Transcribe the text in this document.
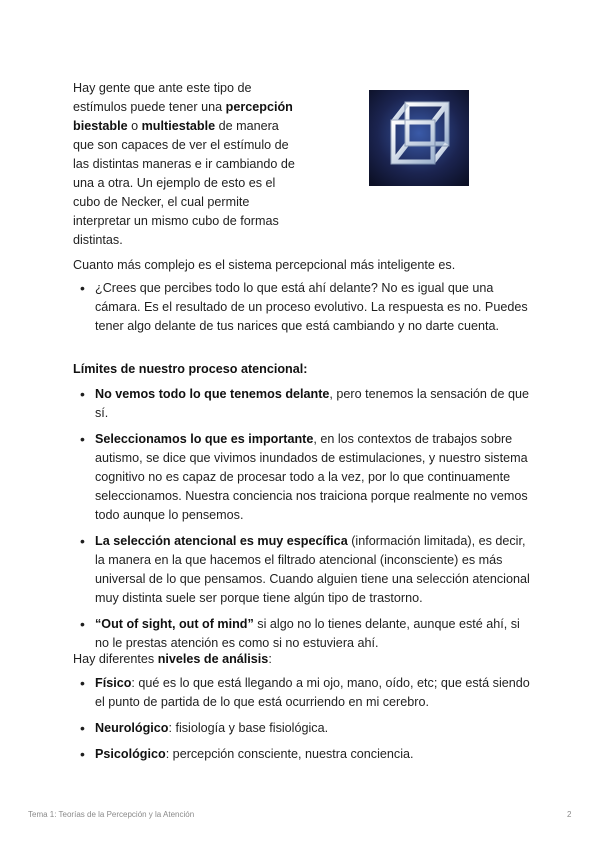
Hay gente que ante este tipo de estímulos puede tener una percepción biestable o multiestable de manera que son capaces de ver el estímulo de las distintas maneras e ir cambiando de una a otra. Un ejemplo de esto es el cubo de Necker, el cual permite interpretar un mismo cubo de formas distintas.

Cuanto más complejo es el sistema percepcional más inteligente es.

• ¿Crees que percibes todo lo que está ahí delante? No es igual que una cámara. Es el resultado de un proceso evolutivo. La respuesta es no. Puedes tener algo delante de tus narices que está cambiando y no darte cuenta.

Límites de nuestro proceso atencional:

• No vemos todo lo que tenemos delante, pero tenemos la sensación de que sí.
• Seleccionamos lo que es importante, en los contextos de trabajos sobre autismo, se dice que vivimos inundados de estimulaciones, y nuestro sistema cognitivo no es capaz de procesar todo a la vez, por lo que continuamente seleccionamos. Nuestra conciencia nos traiciona porque realmente no vemos todo aunque lo pensemos.
• La selección atencional es muy específica (información limitada), es decir, la manera en la que hacemos el filtrado atencional (inconsciente) es más universal de lo que pensamos. Cuando alguien tiene una selección atencional muy distinta suele ser porque tiene algún tipo de trastorno.
• “Out of sight, out of mind” si algo no lo tienes delante, aunque esté ahí, si no le prestas atención es como si no estuviera ahí.

Hay diferentes niveles de análisis:

• Físico: qué es lo que está llegando a mi ojo, mano, oído, etc; que está siendo el punto de partida de lo que está ocurriendo en mi cerebro.
• Neurológico: fisiología y base fisiológica.
• Psicológico: percepción consciente, nuestra conciencia.
Tema 1: Teorías de la Percepción y la Atención	2
